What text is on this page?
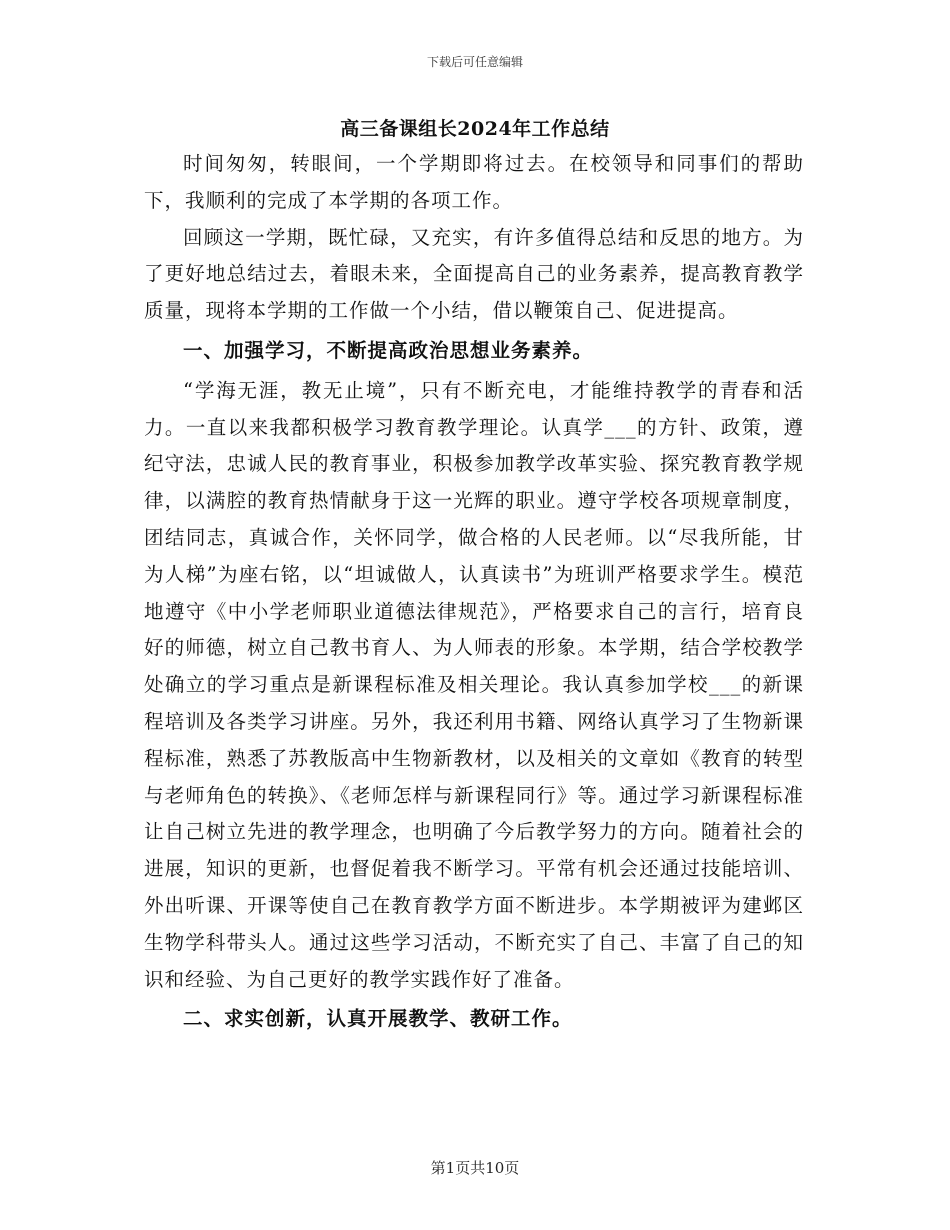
下载后可任意编辑
高三备课组长2024年工作总结

时间匆匆，转眼间，一个学期即将过去。在校领导和同事们的帮助下，我顺利的完成了本学期的各项工作。

回顾这一学期，既忙碌，又充实，有许多值得总结和反思的地方。为了更好地总结过去，着眼未来，全面提高自己的业务素养，提高教育教学质量，现将本学期的工作做一个小结，借以鞭策自己、促进提高。

一、加强学习，不断提高政治思想业务素养。

“学海无涯，教无止境”，只有不断充电，才能维持教学的青春和活力。一直以来我都积极学习教育教学理论。认真学___的方针、政策，遵纪守法，忠诚人民的教育事业，积极参加教学改革实验、探究教育教学规律，以满腔的教育热情献身于这一光辉的职业。遵守学校各项规章制度，团结同志，真诚合作，关怀同学，做合格的人民老师。以“尽我所能，甘为人梯”为座右铭，以“坦诚做人，认真读书”为班训严格要求学生。模范地遵守《中小学老师职业道德法律规范》，严格要求自己的言行，培育良好的师德，树立自己教书育人、为人师表的形象。本学期，结合学校教学处确立的学习重点是新课程标准及相关理论。我认真参加学校___的新课程培训及各类学习讲座。另外，我还利用书籍、网络认真学习了生物新课程标准，熟悉了苏教版高中生物新教材，以及相关的文章如《教育的转型与老师角色的转换》、《老师怎样与新课程同行》等。通过学习新课程标准让自己树立先进的教学理念，也明确了今后教学努力的方向。随着社会的进展，知识的更新，也督促着我不断学习。平常有机会还通过技能培训、外出听课、开课等使自己在教育教学方面不断进步。本学期被评为建邺区生物学科带头人。通过这些学习活动，不断充实了自己、丰富了自己的知识和经验、为自己更好的教学实践作好了准备。

二、求实创新，认真开展教学、教研工作。

第1页共10页
